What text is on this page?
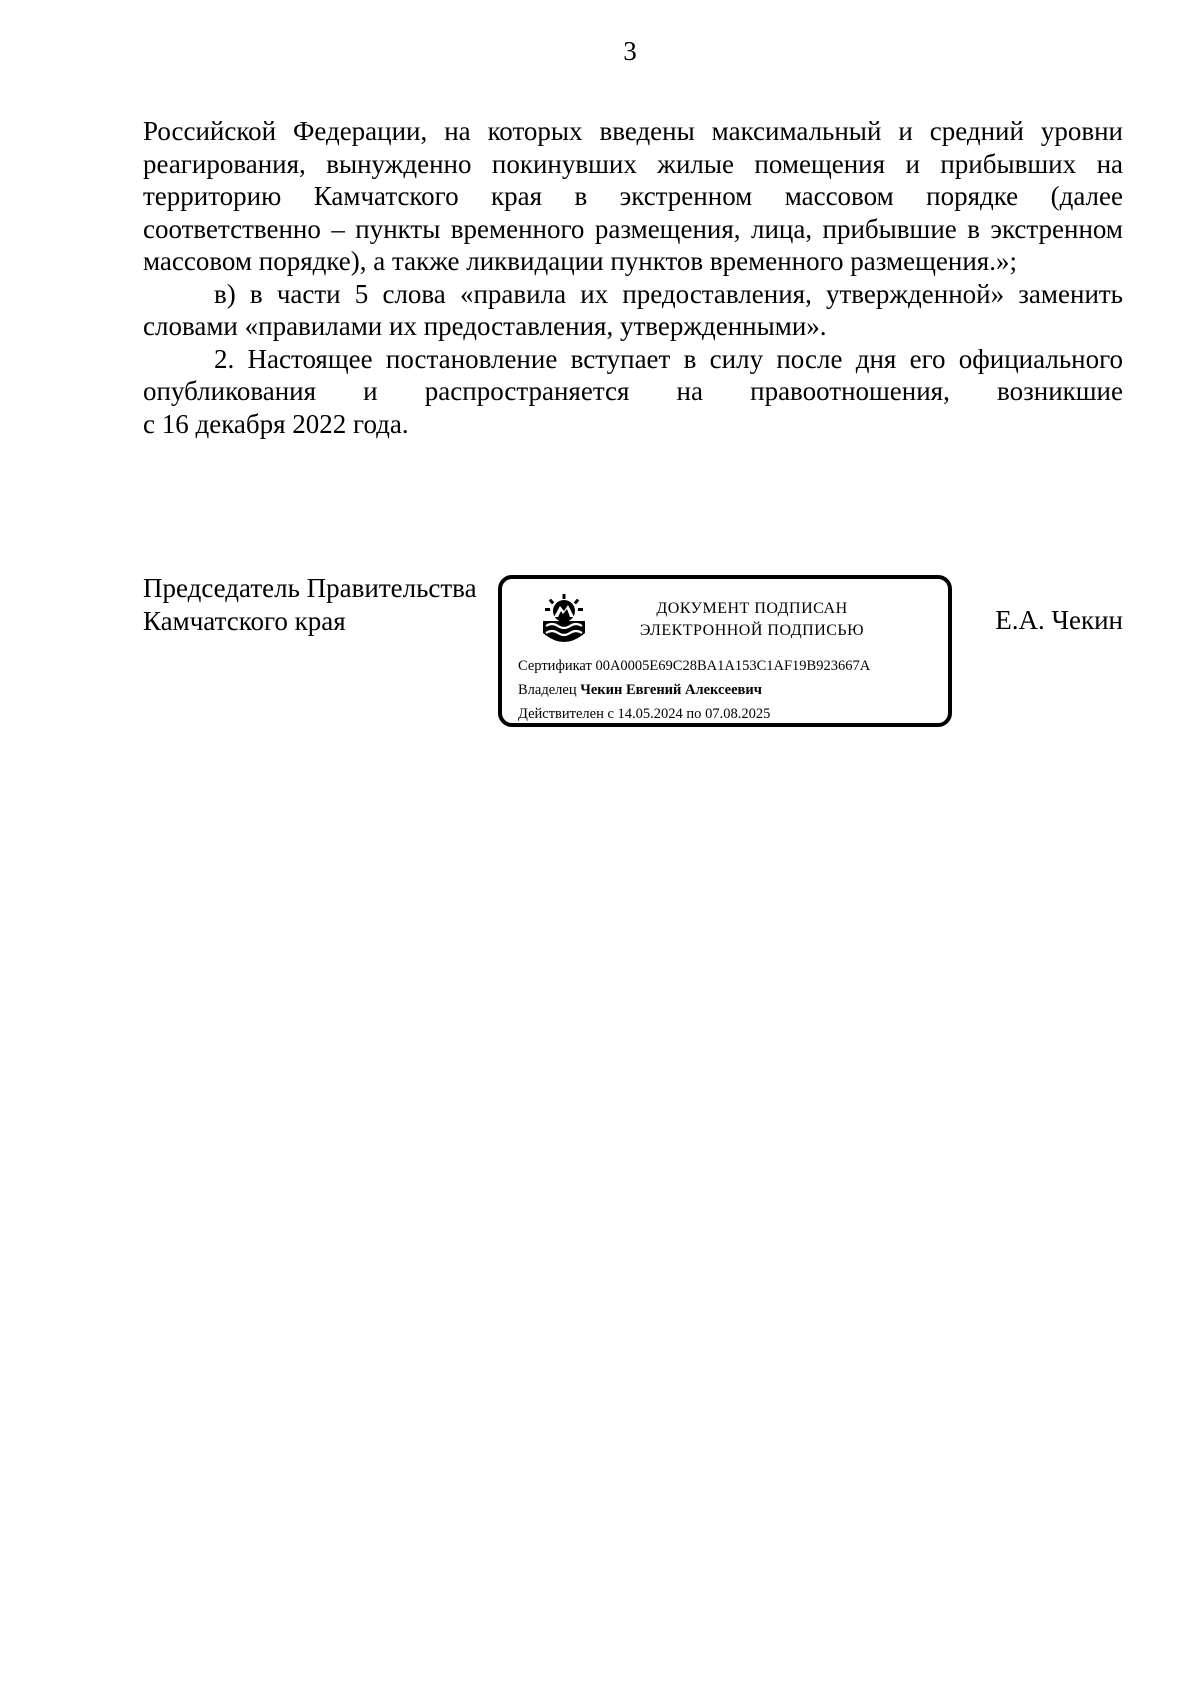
3

Российской Федерации, на которых введены максимальный и средний уровни реагирования, вынужденно покинувших жилые помещения и прибывших на территорию Камчатского края в экстренном массовом порядке (далее соответственно – пункты временного размещения, лица, прибывшие в экстренном массовом порядке), а также ликвидации пунктов временного размещения.»;

в) в части 5 слова «правила их предоставления, утвержденной» заменить словами «правилами их предоставления, утвержденными».

2. Настоящее постановление вступает в силу после дня его официального опубликования и распространяется на правоотношения, возникшие

с 16 декабря 2022 года.

Председатель Правительства
Камчатского края	ДОКУМЕНТ ПОДПИСАН
ЭЛЕКТРОННОЙ ПОДПИСЬЮ
Сертификат 00A0005E69C28BA1A153C1AF19B923667A
Владелец Чекин Евгений Алексеевич
Действителен с 14.05.2024 по 07.08.2025
Е.А. Чекин
